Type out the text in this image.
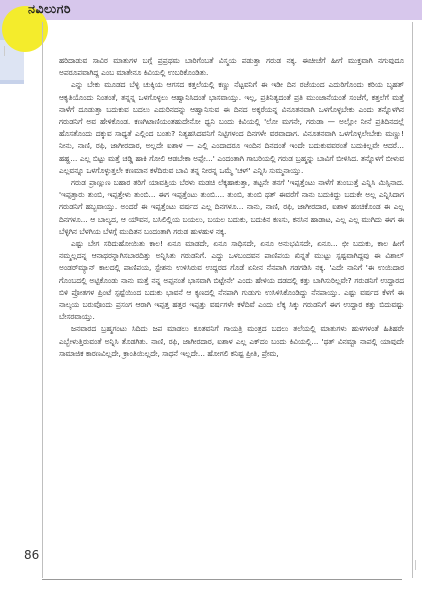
ನವಿಲುಗರಿ

ಹರಿದಾಡುವ ಸಾವಿರ ಮಾತುಗಳ ಬಗ್ಗೆ ಪ್ರಪ್ರಥಮ ಬಾರಿಗೆಂಬತೆ ವಿಸ್ಮಯ ಪಡುತ್ತಾ ಗರುಡ ನಕ್ಕ. ಈಚೀಚೆಗೆ ಹೀಗೆ ಮುಕ್ತವಾಗಿ ನಗುವುದೂ ಅಪರೂಪವಾಗಿದ್ದ ಎಂಬ ಮಾತೇನೂ ಕಿವಿಯಲ್ಲಿ ಉಬರಿಕೊಂಡಿತು.

ಎನ್ನು ಬೇಕು ಮೂಡದ ಬೆಳ್ಳಿ ಚುಕ್ಕಿಯ ಆಗಸದ ಕತ್ತಲೆಯಲ್ಲಿ ಕಣ್ಣು ನೆಟ್ಟವನಿಗೆ ಈ ಇಡೀ ದಿನ ರಜೆಯಂದ ಎದುರಿಗೊಂದು ಕರಿಯ ಬೃಹತ್ ಆಕೃತಿಯೊಂದು ನಿಂತಂತೆ, ತನ್ನನ್ನ ಒಳಗೊಳ್ಳಲು ಆಹ್ವಾನಿಸಿದಂತೆ ಭಾಸವಾಯ್ತು. ಇಲ್ಲ, ಪ್ರತಿನಿತ್ಯದಂತೆ ಪ್ರತಿ ಮುಂಜಾನೆಯಂತೆ ಸಂಜೆಗೆ, ಕತ್ತಲೆಗೆ ಮತ್ತೆ ನಾಳೆಗೆ ದೂಡುತ್ತಾ ಬದುಕುವ ಬದಲು ಎದುರಿನದನ್ನು ಆಹ್ವಾನಿಸುವ ಈ ದಿನದ ಅಕ್ಕರೆಯನ್ನ ವಿನೂತನವಾಗಿ ಒಳಗೊಳ್ಳಬೇಕು ಎಂದು ತನ್ನೊಳಗಿನ ಗರುಡನಿಗೆ ಅವ ಹೇಳಿಕೊಂಡ. ಕಣಗಿಟಾಣಿಯಂತಹುದೇನೋ ಧ್ವನಿ ಬಂದು ಕಿವಿಯಲ್ಲಿ 'ಲೋ ಮಗನೇ, ಗರುಡಾ — ಅಲ್ಲೋ ನೀನೆ ಪ್ರತಿದಿನದಲ್ಲೆ ಹೊಸತೊಂದು ದಕ್ಕುವ ಸಾಧ್ಯತೆ ಎಲ್ಲಿಂದ ಬಂತು? ನಿತ್ಯಹಸಿದವನಿಗೆ ನಿಟ್ಟಿಗಳಂದ ದಿನಗಳೇ ವರವಾದಾಗ. ವಿನೂತನವಾಗಿ ಒಳಗೊಳ್ಳಲೇಬೇಕು ಮಣ್ಣು! ನೀನು, ನಾಣಿ, ರಫಿ, ಜಾಗೀರದಾರ, ಅಲ್ಲದೇ ಐಶಾಳ — ಎಲ್ಲಿ ಎಂದಾದರೂ ಇಂದಿನ ದಿನದಂತೆ ಇಂದೇ ಬದುಕುವವರಂತೆ ಬದುಕಿಲ್ಲವೇ ಆದರೆ... ಹಹ್ಹ... ಎಲ್ಲ ಬಿಟ್ಟು ಮತ್ತೆ ಚಡ್ಡಿ ಹಾಕಿ ಗೋಲಿ ಆಡಬೇಕಾ ಅಪ್ಪೇ...' ಎಂದಂತಾಗಿ ಗಾಬರಿಯಲ್ಲಿ ಗರುಡ ಬ್ರಹ್ಮನ್ನು ಬಾವಿಗೆ ಬೀಳಿಸಿದ. ತನ್ನೊಳಗೆ ಬೀಳುವ ಎಲ್ಲವನ್ನೂ ಒಳಗೊಳ್ಳುತ್ತಲೇ ಕಣಮಾನ ಕಳೆದಿರುವ ಬಾವಿ ತನ್ನ ನೀರನ್ನ ಒಮ್ಮೆ 'ಚಳ್' ಎನ್ನಿಸಿ ಸುಮ್ಮನಾಯ್ತು.

ಗರುಡ ಪ್ರಾಣ್ಲುಣ ಬಹಾರ ತರಿಗೆ ಯಾವತ್ತಿಯ ಬೆರಳು ಮಡಚಿ ಲೆಕ್ಕಹಾಕುತ್ತಾ, ತಟ್ಟನೇ ತನಗೆ 'ಇಪ್ಪತ್ತೆಂಟು ನಾಳೆಗೆ ತುಂಬುತ್ತೆ ಎನ್ನಿಸಿ ಮಿಸ್ಸಿನಾದ. 'ಇಪ್ಪತ್ತಾರು ತುಂಬಿ, ಇಪ್ಪತ್ತೇಳು ತುಂಬಿ... ಈಗ ಇಪ್ಪತ್ತೆಂಟು ತುಂಬಿ.... ತುಂಬಿ, ತುಂಬಿ ಥತ್ ಈವರೆಗೆ ನಾನು ಬದುಕಿದ್ದು ಬದುಕೇ ಅಲ್ಲ ಎನ್ನಿಸಿದಾಗ ಗರುಡನಿಗೆ ಹಬ್ಬವಾಯ್ತು. ಅಂದರೆ ಈ ಇಪ್ಪತ್ತೆಂಟು ವರ್ಷದ ಎಲ್ಲ ದಿನಗಳೂ... ನಾನು, ನಾಣಿ, ರಫಿ, ಜಾಗೀರದಾರ, ಐಶಾಳ ಹಂಚಿಕೊಂಡ ಈ ಎಲ್ಲ ದಿನಗಳೂ... ಆ ಬಾಲ್ಯದ, ಆ ಯೌವನ, ಬಸಿಲಿಲ್ಲಿಯ ಬಯಲು, ಬಯಲ ಬದುಕು, ಬದುಕಿನ ಕಣಸು, ಕನಸಿನ ಹಾಡಾಟ, ಎಲ್ಲ ಎಲ್ಲ ಮುಗಿದು ಈಗ ಈ ಬೆಳ್ಳಿಗಿನ ಬೆಳಗಿಯ ಬೆಳಗ್ಗೆ ಮುದಿತನ ಬಂದಂತಾಗಿ ಗರುಡ ಹುಳಹುಳ ನಕ್ಕ.

ಎಷ್ಟು ಬೇಗ ಸರಿದುಹೋಯಿತು ಕಾಲ! ಏನೂ ಮಾಡದೇ, ಏನೂ ಸಾಧಿಸದೇ, ಏನೂ ಅನುಭವಿಸದೇ, ಏನೂ... ಛೀ ಬದುಕು, ಕಾಲ ಹೀಗೆ ನಮ್ಮಲ್ಲದನ್ನ ಆನಾಥರನ್ನಾಗಿಸಬಾರದಿತ್ತು ಅನ್ನಿಸಿತು ಗರುಡನಿಗೆ. ಎದ್ದು ಒಳಬಂದವನ ಪಾಣಿಪಯ ಖಿನ್ನತೆ ಮುಟ್ಟು ಸ್ಪಷ್ಟವಾಗಿದ್ದವು ಈ ವಿಶಾಲ್ ಅಂಡರ್‌ಮ್ಯಾನ್ ಕಾಲದಲ್ಲಿ ಪಾಣಿಪಯ, ಸ್ಟೇಶನು ಉಳಿಸಿರುವ ಉದ್ದರದ ಗೊಡೆ ಏನೀನ ನೆನಪಾಗಿ ಗಡಗಡಿಸಿ ನಕ್ಕ. 'ಎದೇ ನಾನಿಗೆ 'ಈ ಉಯಿದಾರ ಗೊಂಬದಲ್ಲಿ ಅಟ್ಟಿಕೊಂಡು ನಾನು ಮತ್ತೆ ನನ್ನ ಅಪ್ಪನಂತೆ ಭಾಸವಾಗಿ ಬಿಟ್ಟೇನೇ' ಎಂದು ಹೇಳಿಯ ದಡದಲ್ಲಿ ಕತ್ತು ಬಾಗಿಸುರಿಲ್ಲವೇ? ಗರುಡನಿಗೆ ಉದ್ದಾರದ ಬಿಳಿ ಪ್ರೋತಗಳ ಪ್ರಿಂಟೆ ಸ್ಪಷ್ಟೆಯಿಂದ ಬದುಕು ಭಾವನೆ ಆ ಕೃಣದಲ್ಲಿ ನೆನಪಾಗಿ ಗುಡುಗು ಉಸಿಳಿಸಿಕೊಂಡಿದ್ದು ನೆನಪಾಯ್ತು. ಎಷ್ಟು ವರ್ಷದ ಕೆಳಗೆ ಈ ನಾಲ್ಕಯ ಬರುವೊಂದು ಪ್ರಸಂಗ ಆರಾಗಿ ಇಪ್ಪತ್ತ ಹತ್ತರ ಇಪ್ಪತ್ತು ವರ್ಷಗಳೇ ಕಳೆದಿವೆ ಎಂದು ಲೆಕ್ಕ ಸಿಕ್ಕು ಗರುಡನಿಗೆ ಈಗ ಉದ್ದಾರ ಕತ್ತು ಬಿದುವಷ್ಟು ಬೇಸರವಾಯ್ತು.

ಜನವಾರದ ಬ್ರಹ್ಮಗಂಟು ಸಿದಿದು ಜಪ ಮಾಡಲು ಕೂತವನಿಗೆ ಗಾಯತ್ರಿ ಮಂತ್ರದ ಬದಲು ತಲೆಯಲ್ಲಿ ಮಾತುಗಳು ಹುಳಗಳಂತೆ ಹಿತಿಹರೇ ಎಬ್ಬೇಳುತ್ತಿರುವಂತೆ ಅನ್ನಿಸಿ ತೊಡಗಿತು. ನಾಣಿ, ರಫಿ, ಜಾಗೀರದಾರ, ಐಶಾಳ ಎಲ್ಲ ಎಕ್‌ದಂ ಬಂದು ಕಿವಿಯಲ್ಲಿ... 'ಥತ್ ವಿನಮ್ಟಾ ನಾಪಲ್ಲಿ ಯಾವುದೇ ಸಾಮಾಜಿಕ ಕಾರಣವಿಲ್ಲದೇ, ಕ್ರಾಂತಿಯಿಲ್ಲದೇ, ಸಾಧನೆ ಇಲ್ಲದೇ... ಹೋಗಲಿ ಕನಿಷ್ಟ ಪ್ರೀತಿ, ಪ್ರೇಮ,

86
